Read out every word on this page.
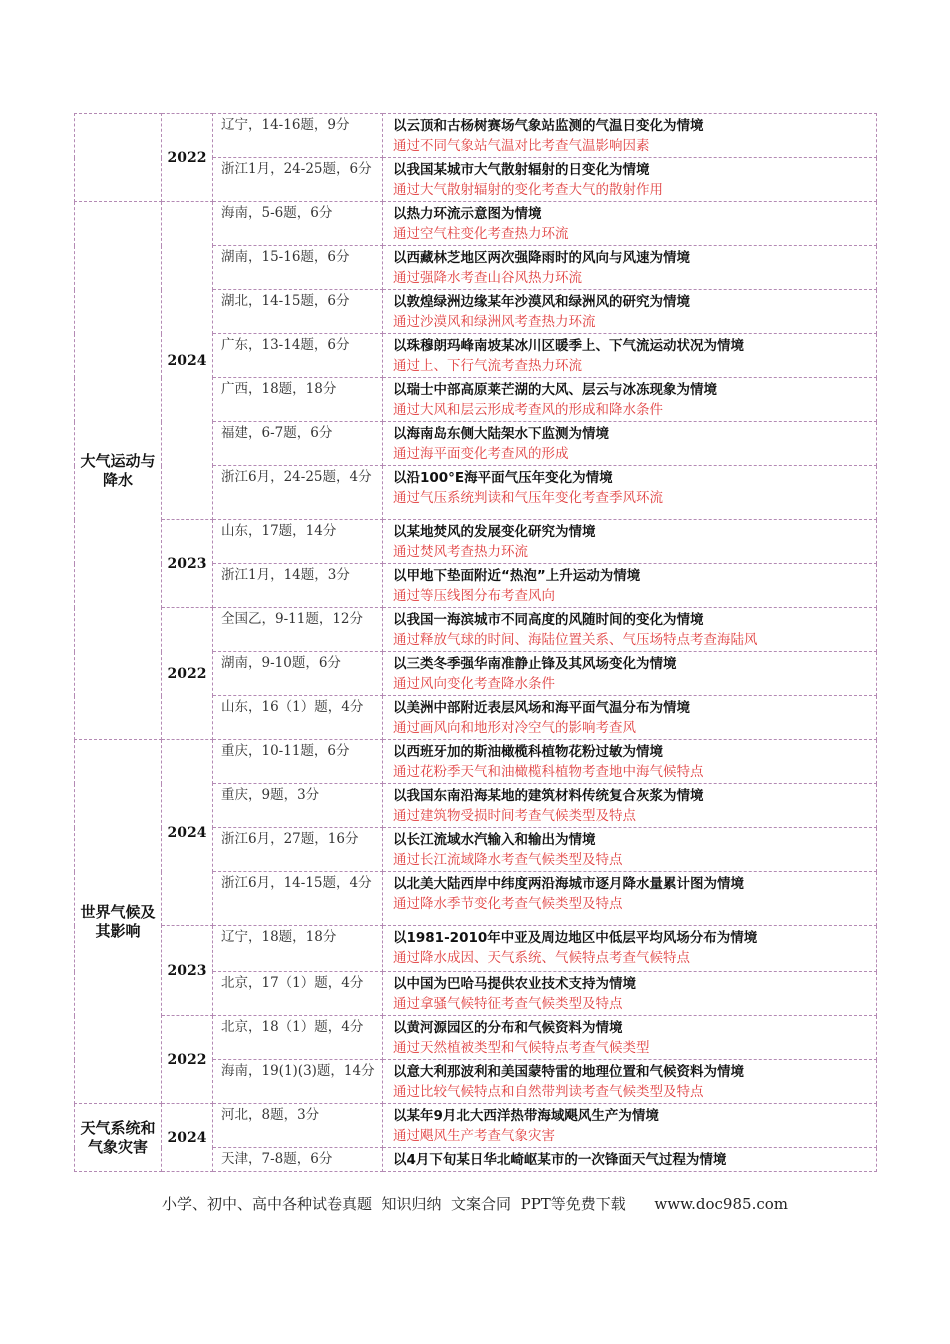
	2022	辽宁，14-16题，9分	以云顶和古杨树赛场气象站监测的气温日变化为情境
通过不同气象站气温对比考查气温影响因素

		浙江1月，24-25题，6分	以我国某城市大气散射辐射的日变化为情境
通过大气散射辐射的变化考查大气的散射作用

大气运动与降水	2024	海南，5-6题，6分	以热力环流示意图为情境
通过空气柱变化考查热力环流

		湖南，15-16题，6分	以西藏林芝地区两次强降雨时的风向与风速为情境
通过强降水考查山谷风热力环流

		湖北，14-15题，6分	以敦煌绿洲边缘某年沙漠风和绿洲风的研究为情境
通过沙漠风和绿洲风考查热力环流

		广东，13-14题，6分	以珠穆朗玛峰南坡某冰川区暖季上、下气流运动状况为情境
通过上、下行气流考查热力环流

		广西，18题，18分	以瑞士中部高原莱芒湖的大风、层云与冰冻现象为情境
通过大风和层云形成考查风的形成和降水条件

		福建，6-7题，6分	以海南岛东侧大陆架水下监测为情境
通过海平面变化考查风的形成

		浙江6月，24-25题，4分	以沿100°E海平面气压年变化为情境
通过气压系统判读和气压年变化考查季风环流

	2023	山东，17题，14分	以某地焚风的发展变化研究为情境
通过焚风考查热力环流

		浙江1月，14题，3分	以甲地下垫面附近“热泡”上升运动为情境
通过等压线图分布考查风向

	2022	全国乙，9-11题，12分	以我国一海滨城市不同高度的风随时间的变化为情境
通过释放气球的时间、海陆位置关系、气压场特点考查海陆风

		湖南，9-10题，6分	以三类冬季强华南准静止锋及其风场变化为情境
通过风向变化考查降水条件

		山东，16（1）题，4分	以美洲中部附近表层风场和海平面气温分布为情境
通过画风向和地形对冷空气的影响考查风

世界气候及其影响	2024	重庆，10-11题，6分	以西班牙加的斯油橄榄科植物花粉过敏为情境
通过花粉季天气和油橄榄科植物考查地中海气候特点

		重庆，9题，3分	以我国东南沿海某地的建筑材料传统复合灰浆为情境
通过建筑物受损时间考查气候类型及特点

		浙江6月，27题，16分	以长江流域水汽输入和输出为情境
通过长江流域降水考查气候类型及特点

		浙江6月，14-15题，4分	以北美大陆西岸中纬度两沿海城市逐月降水量累计图为情境
通过降水季节变化考查气候类型及特点

	2023	辽宁，18题，18分	以1981-2010年中亚及周边地区中低层平均风场分布为情境
通过降水成因、天气系统、气候特点考查气候特点

		北京，17（1）题，4分	以中国为巴哈马提供农业技术支持为情境
通过拿骚气候特征考查气候类型及特点

	2022	北京，18（1）题，4分	以黄河源园区的分布和气候资料为情境
通过天然植被类型和气候特点考查气候类型

		海南，19(1)(3)题，14分	以意大利那波利和美国蒙特雷的地理位置和气候资料为情境
通过比较气候特点和自然带判读考查气候类型及特点

天气系统和气象灾害	2024	河北，8题，3分	以某年9月北大西洋热带海域飓风生产为情境
通过飓风生产考查气象灾害

		天津，7-8题，6分	以4月下旬某日华北崎岖某市的一次锋面天气过程为情境
小学、初中、高中各种试卷真题  知识归纳  文案合同  PPT等免费下载      www.doc985.com
